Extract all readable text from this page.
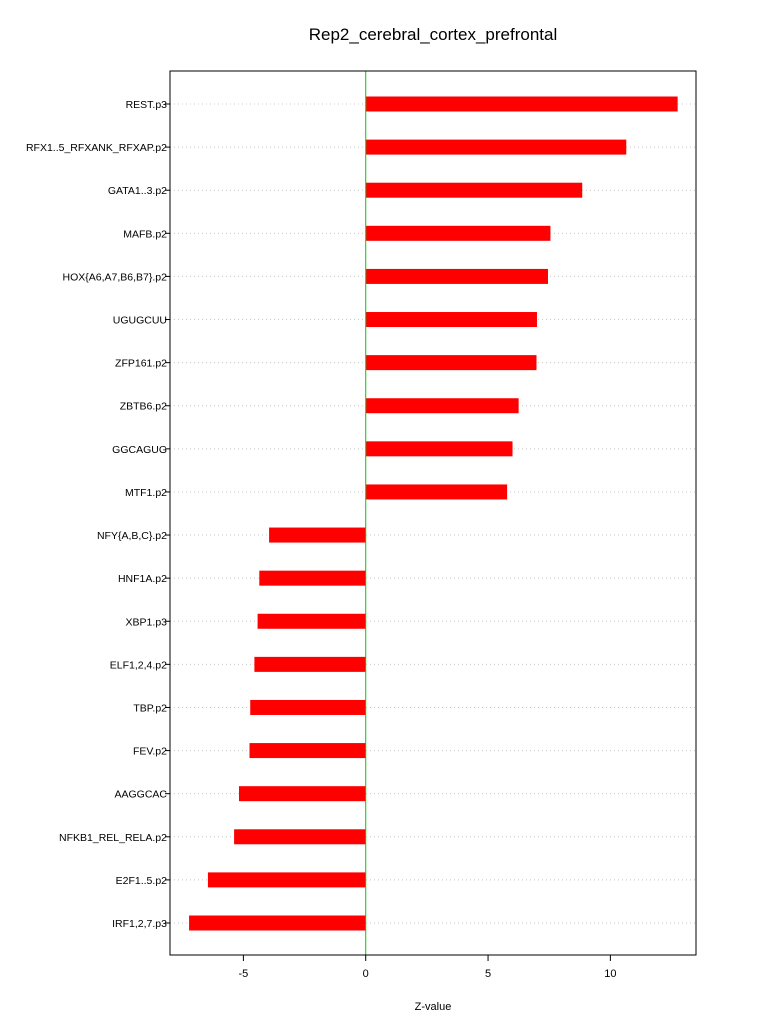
Rep2_cerebral_cortex_prefrontal
REST.p3
RFX1..5_RFXANK_RFXAP.p2
GATA1..3.p2
MAFB.p2
HOX{A6,A7,B6,B7}.p2
UGUGCUU
ZFP161.p2
ZBTB6.p2
GGCAGUG
MTF1.p2
NFY{A,B,C}.p2
HNF1A.p2
XBP1.p3
ELF1,2,4.p2
TBP.p2
FEV.p2
AAGGCAC
NFKB1_REL_RELA.p2
E2F1..5.p2
IRF1,2,7.p3
-5	0	5	10
Z-value
